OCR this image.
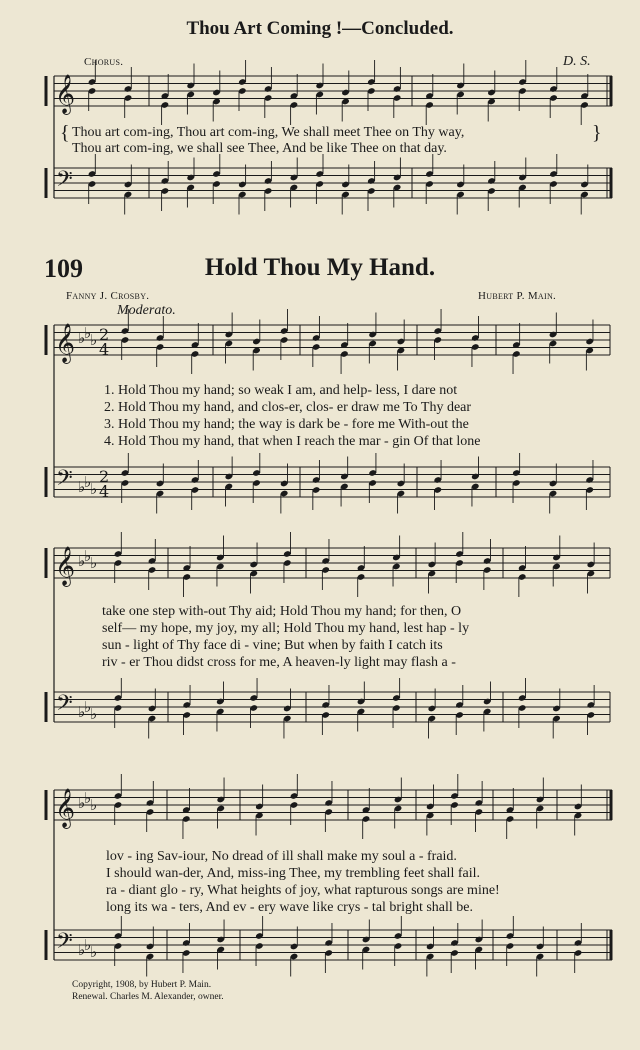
Thou Art Coming !—Concluded.
Chorus.	D. S.
{	}
Thou art com-ing, Thou art com-ing, We shall meet Thee on Thy way,
Thou art com-ing, we shall see Thee, And be like Thee on that day.
109	Hold Thou My Hand.
Fanny J. Crosby.	Hubert P. Main.
Moderato.
1. Hold Thou my hand; so weak I am, and help- less, I dare not
2. Hold Thou my hand, and clos-er, clos- er draw me To Thy dear
3. Hold Thou my hand; the way is dark be - fore me With-out the
4. Hold Thou my hand, that when I reach the mar - gin Of that lone
take one step with-out Thy aid; Hold Thou my hand; for then, O
self— my hope, my joy, my all; Hold Thou my hand, lest hap - ly
sun - light of Thy face di - vine; But when by faith I catch its
riv - er Thou didst cross for me, A heaven-ly light may flash a -
lov - ing Sav-iour, No dread of ill shall make my soul a - fraid.
I should wan-der, And, miss-ing Thee, my trembling feet shall fail.
ra - diant glo - ry, What heights of joy, what rapturous songs are mine!
long its wa - ters, And ev - ery wave like crys - tal bright shall be.
Copyright, 1908, by Hubert P. Main.
Renewal. Charles M. Alexander, owner.
𝄞
𝄢
𝄞
𝄢
♭
♭
♭
♭
♭
♭
2
4
2
4
𝄞
𝄢
♭
♭
♭
♭
♭
♭
𝄞
𝄢
♭
♭
♭
♭
♭
♭
